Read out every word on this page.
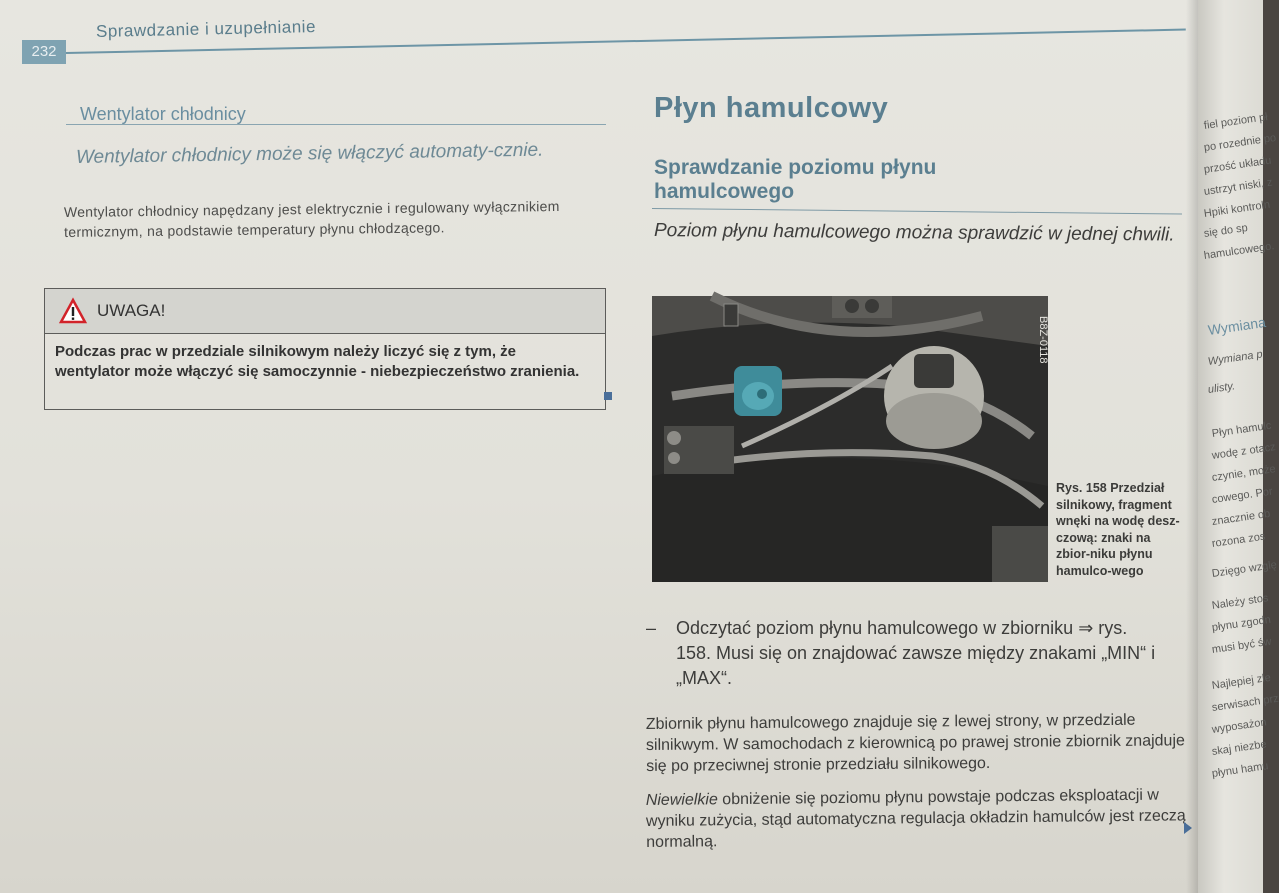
232
Sprawdzanie i uzupełnianie
Wentylator chłodnicy
Wentylator chłodnicy może się włączyć automaty-cznie.
Wentylator chłodnicy napędzany jest elektrycznie i regulowany wyłącznikiem termicznym, na podstawie temperatury płynu chłodzącego.
UWAGA!
Podczas prac w przedziale silnikowym należy liczyć się z tym, że wentylator może włączyć się samoczynnie - niebezpieczeństwo zranienia.
Płyn hamulcowy
Sprawdzanie poziomu płynu hamulcowego
Poziom płynu hamulcowego można sprawdzić w jednej chwili.
B8Z-0118
Rys. 158 Przedział silnikowy, fragment wnęki na wodę desz-czową: znaki na zbior-niku płynu hamulco-wego
– Odczytać poziom płynu hamulcowego w zbiorniku ⇒ rys. 158. Musi się on znajdować zawsze między znakami „MIN“ i „MAX“.
Zbiornik płynu hamulcowego znajduje się z lewej strony, w przedziale silnikwym. W samochodach z kierownicą po prawej stronie zbiornik znajduje się po przeciwnej stronie przedziału silnikowego.
Niewielkie obniżenie się poziomu płynu powstaje podczas eksploatacji w wyniku zużycia, stąd automatyczna regulacja okładzin hamulców jest rzeczą normalną.
fiel poziom pł
po rozednie po
przość układu
ustrzyt niski, z
Hpiki kontroln
się do sp
hamulcowego.
Wymiana
Wymiana p
ulisty.
Płyn hamulc
wodę z otacz
czynie, może
cowego. Por
znacznie ob
rozona zos
Dzięgo wzglę
Należy stos
płynu zgodn
musi być św
Najlepiej zle
serwisach prz
wyposażon
skaj niezbe
płynu hamu
